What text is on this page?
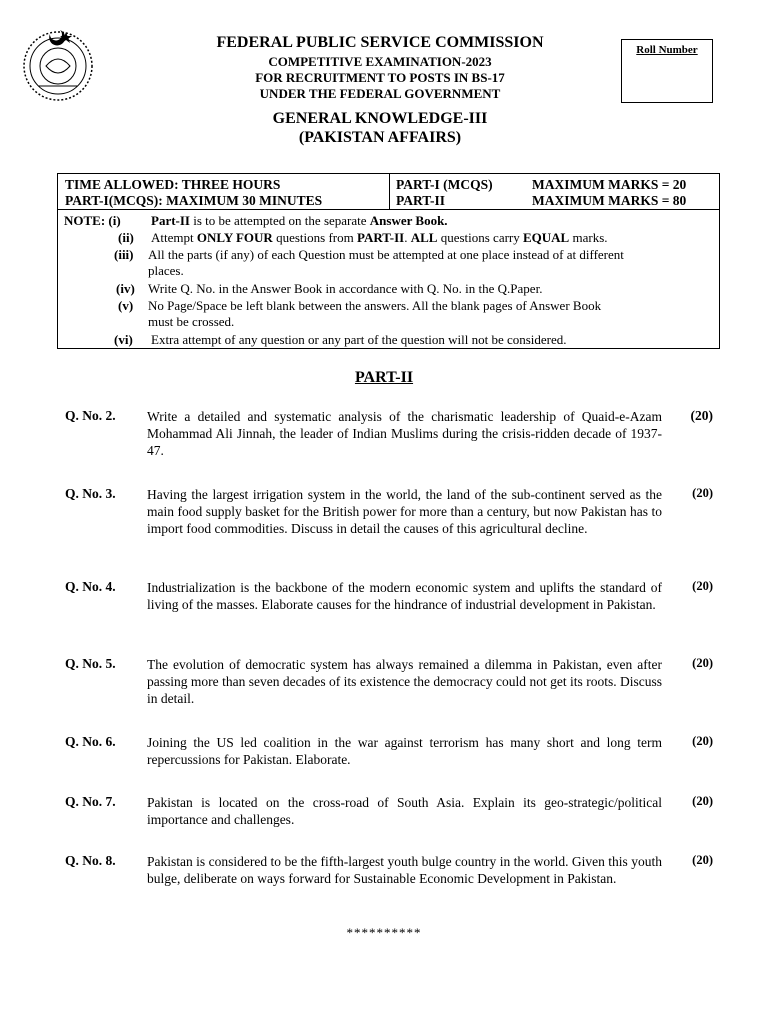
FEDERAL PUBLIC SERVICE COMMISSION
COMPETITIVE EXAMINATION-2023
FOR RECRUITMENT TO POSTS IN BS-17
UNDER THE FEDERAL GOVERNMENT
GENERAL KNOWLEDGE-III
(PAKISTAN AFFAIRS)
Roll Number
TIME ALLOWED: THREE HOURS
PART-I(MCQS): MAXIMUM 30 MINUTES
PART-I (MCQS)	MAXIMUM MARKS = 20
PART-II	MAXIMUM MARKS = 80
NOTE: (i) Part-II is to be attempted on the separate Answer Book.
(ii) Attempt ONLY FOUR questions from PART-II. ALL questions carry EQUAL marks.
(iii) All the parts (if any) of each Question must be attempted at one place instead of at different
places.
(iv) Write Q. No. in the Answer Book in accordance with Q. No. in the Q.Paper.
(v) No Page/Space be left blank between the answers. All the blank pages of Answer Book
must be crossed.
(vi) Extra attempt of any question or any part of the question will not be considered.
PART-II
Q. No. 2. Write a detailed and systematic analysis of the charismatic leadership of Quaid-e-Azam Mohammad Ali Jinnah, the leader of Indian Muslims during the crisis-ridden decade of 1937-47.
(20)
Q. No. 3. Having the largest irrigation system in the world, the land of the sub-continent served as the main food supply basket for the British power for more than a century, but now Pakistan has to import food commodities. Discuss in detail the causes of this agricultural decline.
(20)
Q. No. 4. Industrialization is the backbone of the modern economic system and uplifts the standard of living of the masses. Elaborate causes for the hindrance of industrial development in Pakistan.
(20)
Q. No. 5. The evolution of democratic system has always remained a dilemma in Pakistan, even after passing more than seven decades of its existence the democracy could not get its roots. Discuss in detail.
(20)
Q. No. 6. Joining the US led coalition in the war against terrorism has many short and long term repercussions for Pakistan. Elaborate.
(20)
Q. No. 7. Pakistan is located on the cross-road of South Asia. Explain its geo-strategic/political importance and challenges.
(20)
Q. No. 8. Pakistan is considered to be the fifth-largest youth bulge country in the world. Given this youth bulge, deliberate on ways forward for Sustainable Economic Development in Pakistan.
(20)
**********
